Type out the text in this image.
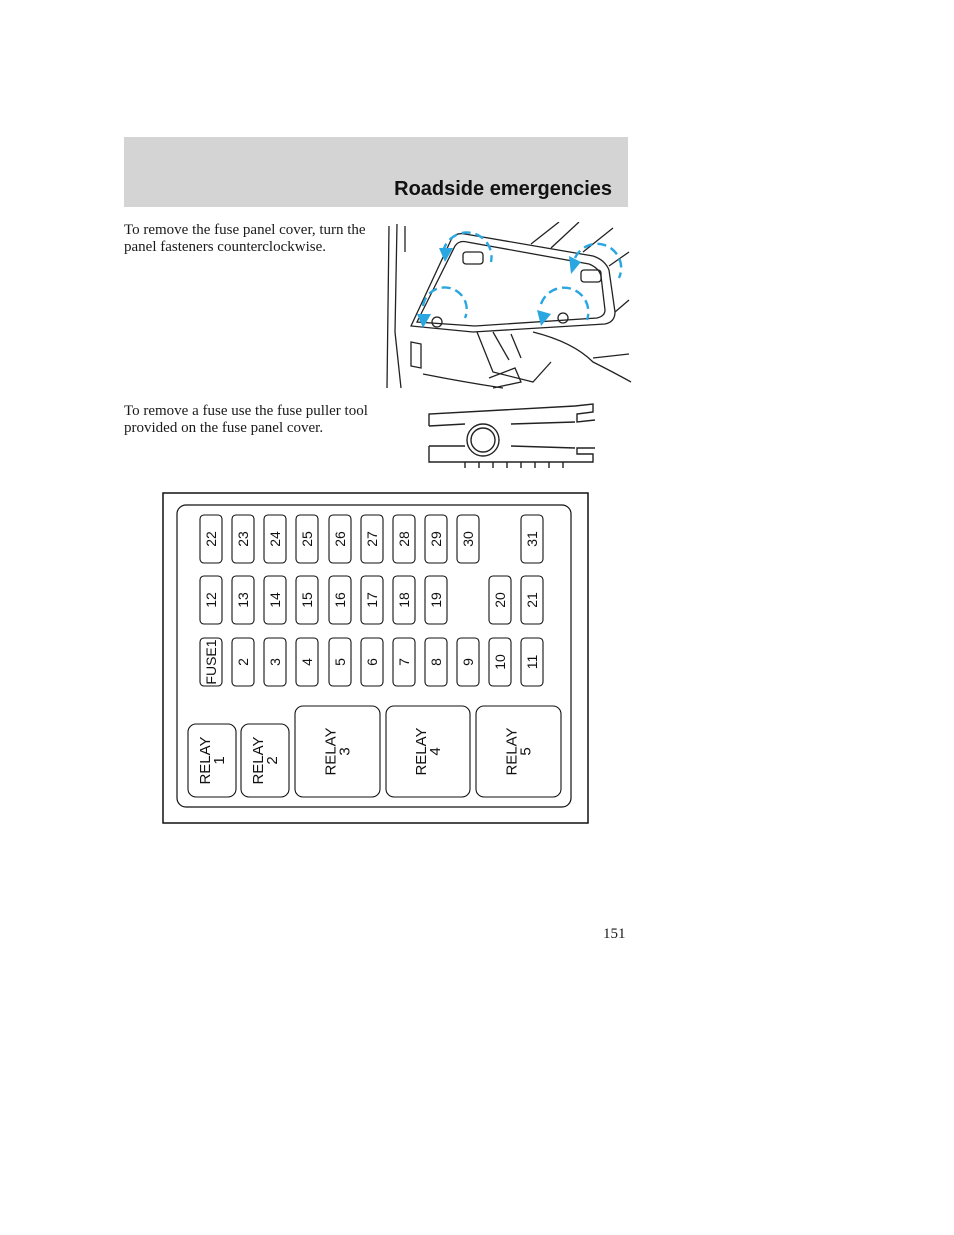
Roadside emergencies
To remove the fuse panel cover, turn the panel fasteners counterclockwise.
To remove a fuse use the fuse puller tool provided on the fuse panel cover.
22 23 24 25 26 27 28 29 30	31
12 13 14 15 16 17 18 19	20 21
FUSE1 2 3 4 5 6 7 8 9 10 11
RELAY1 RELAY2	RELAY3	RELAY4	RELAY5
151
